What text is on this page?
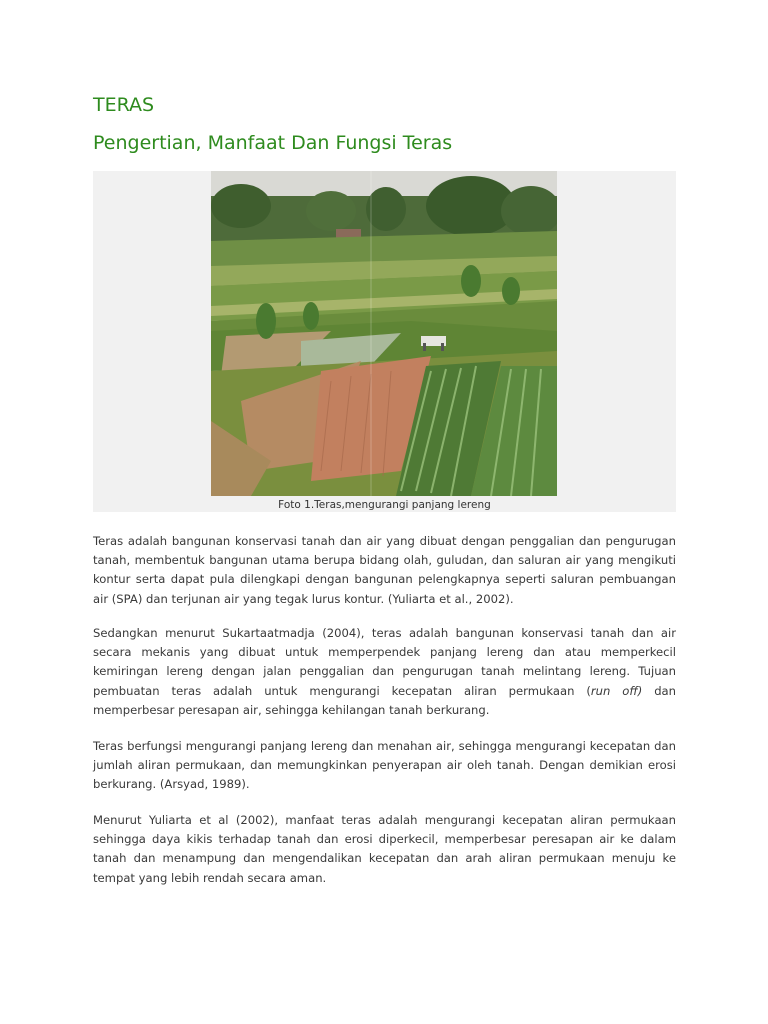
TERAS
Pengertian, Manfaat Dan Fungsi Teras
Foto 1.Teras,mengurangi panjang lereng

Teras adalah bangunan konservasi tanah dan air yang dibuat dengan penggalian dan pengurugan tanah, membentuk bangunan utama berupa bidang olah, guludan, dan saluran air yang mengikuti kontur serta dapat pula dilengkapi dengan bangunan pelengkapnya seperti saluran pembuangan air (SPA) dan terjunan air yang tegak lurus kontur. (Yuliarta et al., 2002).

Sedangkan menurut Sukartaatmadja (2004), teras adalah bangunan konservasi tanah dan air secara mekanis yang dibuat untuk memperpendek panjang lereng dan atau memperkecil kemiringan lereng dengan jalan penggalian dan pengurugan tanah melintang lereng. Tujuan pembuatan teras adalah untuk mengurangi kecepatan aliran permukaan (run off) dan memperbesar peresapan air, sehingga kehilangan tanah berkurang.

Teras berfungsi mengurangi panjang lereng dan menahan air, sehingga mengurangi kecepatan dan jumlah aliran permukaan, dan memungkinkan penyerapan air oleh tanah. Dengan demikian erosi berkurang. (Arsyad, 1989).

Menurut Yuliarta et al (2002), manfaat teras adalah mengurangi kecepatan aliran permukaan sehingga daya kikis terhadap tanah dan erosi diperkecil, memperbesar peresapan air ke dalam tanah dan menampung dan mengendalikan kecepatan dan arah aliran permukaan menuju ke tempat yang lebih rendah secara aman.
